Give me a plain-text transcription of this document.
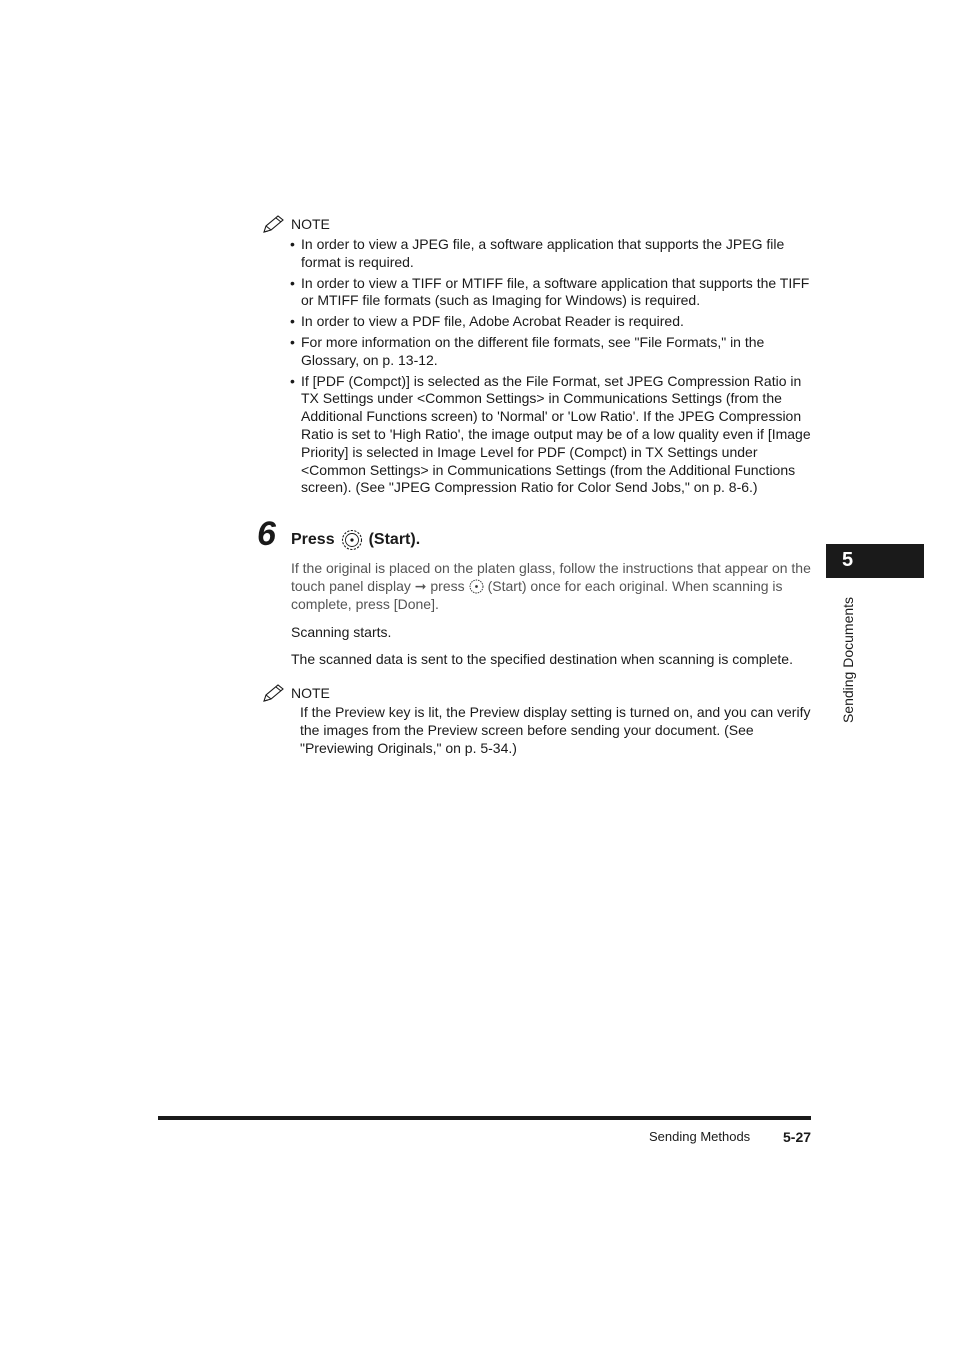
NOTE
• In order to view a JPEG file, a software application that supports the JPEG file format is required.
• In order to view a TIFF or MTIFF file, a software application that supports the TIFF or MTIFF file formats (such as Imaging for Windows) is required.
• In order to view a PDF file, Adobe Acrobat Reader is required.
• For more information on the different file formats, see "File Formats," in the Glossary, on p. 13-12.
• If [PDF (Compct)] is selected as the File Format, set JPEG Compression Ratio in TX Settings under <Common Settings> in Communications Settings (from the Additional Functions screen) to 'Normal' or 'Low Ratio'. If the JPEG Compression Ratio is set to 'High Ratio', the image output may be of a low quality even if [Image Priority] is selected in Image Level for PDF (Compct) in TX Settings under <Common Settings> in Communications Settings (from the Additional Functions screen). (See "JPEG Compression Ratio for Color Send Jobs," on p. 8-6.)
6 Press (Start).
If the original is placed on the platen glass, follow the instructions that appear on the touch panel display ➞ press (Start) once for each original. When scanning is complete, press [Done].
Scanning starts.
The scanned data is sent to the specified destination when scanning is complete.
NOTE
If the Preview key is lit, the Preview display setting is turned on, and you can verify the images from the Preview screen before sending your document. (See "Previewing Originals," on p. 5-34.)
5
Sending Documents
Sending Methods 5-27
